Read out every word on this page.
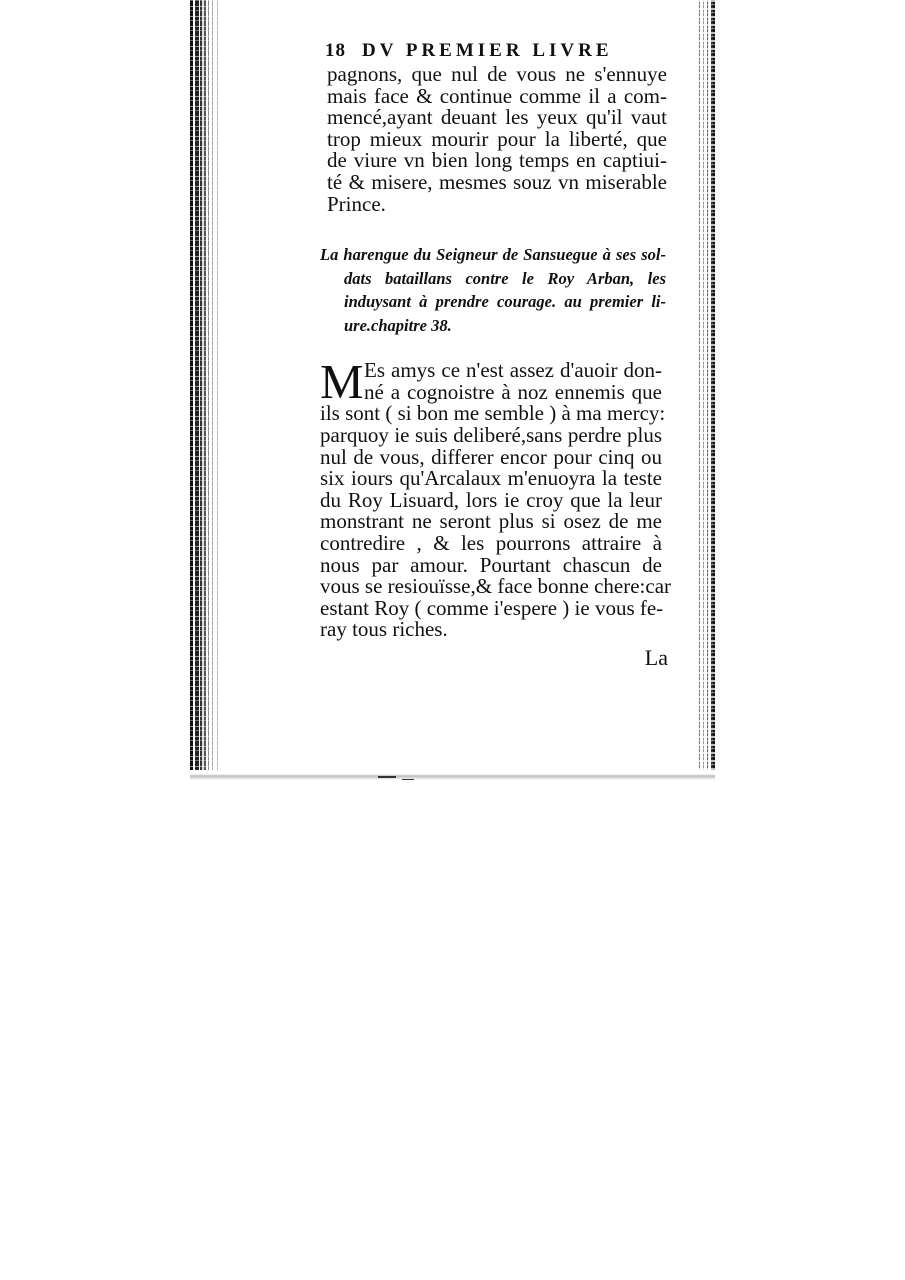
18 DV PREMIER LIVRE
pagnons, que nul de vous ne s'ennuye
mais face & continue comme il a com-
mencé,ayant deuant les yeux qu'il vaut
trop mieux mourir pour la liberté, que
de viure vn bien long temps en captiui-
té & misere, mesmes souz vn miserable
Prince.
La harengue du Seigneur de Sansuegue à ses sol-
dats bataillans contre le Roy Arban, les
induysant à prendre courage. au premier li-
ure.chapitre 38.
M Es amys ce n'est assez d'auoir don-
né a cognoistre à noz ennemis que
ils sont ( si bon me semble ) à ma mercy:
parquoy ie suis deliberé,sans perdre plus
nul de vous, differer encor pour cinq ou
six iours qu'Arcalaux m'enuoyra la teste
du Roy Lisuard, lors ie croy que la leur
monstrant ne seront plus si osez de me
contredire , & les pourrons attraire à
nous par amour. Pourtant chascun de
vous se resiouïsse,& face bonne chere:car
estant Roy ( comme i'espere ) ie vous fe-
ray tous riches.
La
